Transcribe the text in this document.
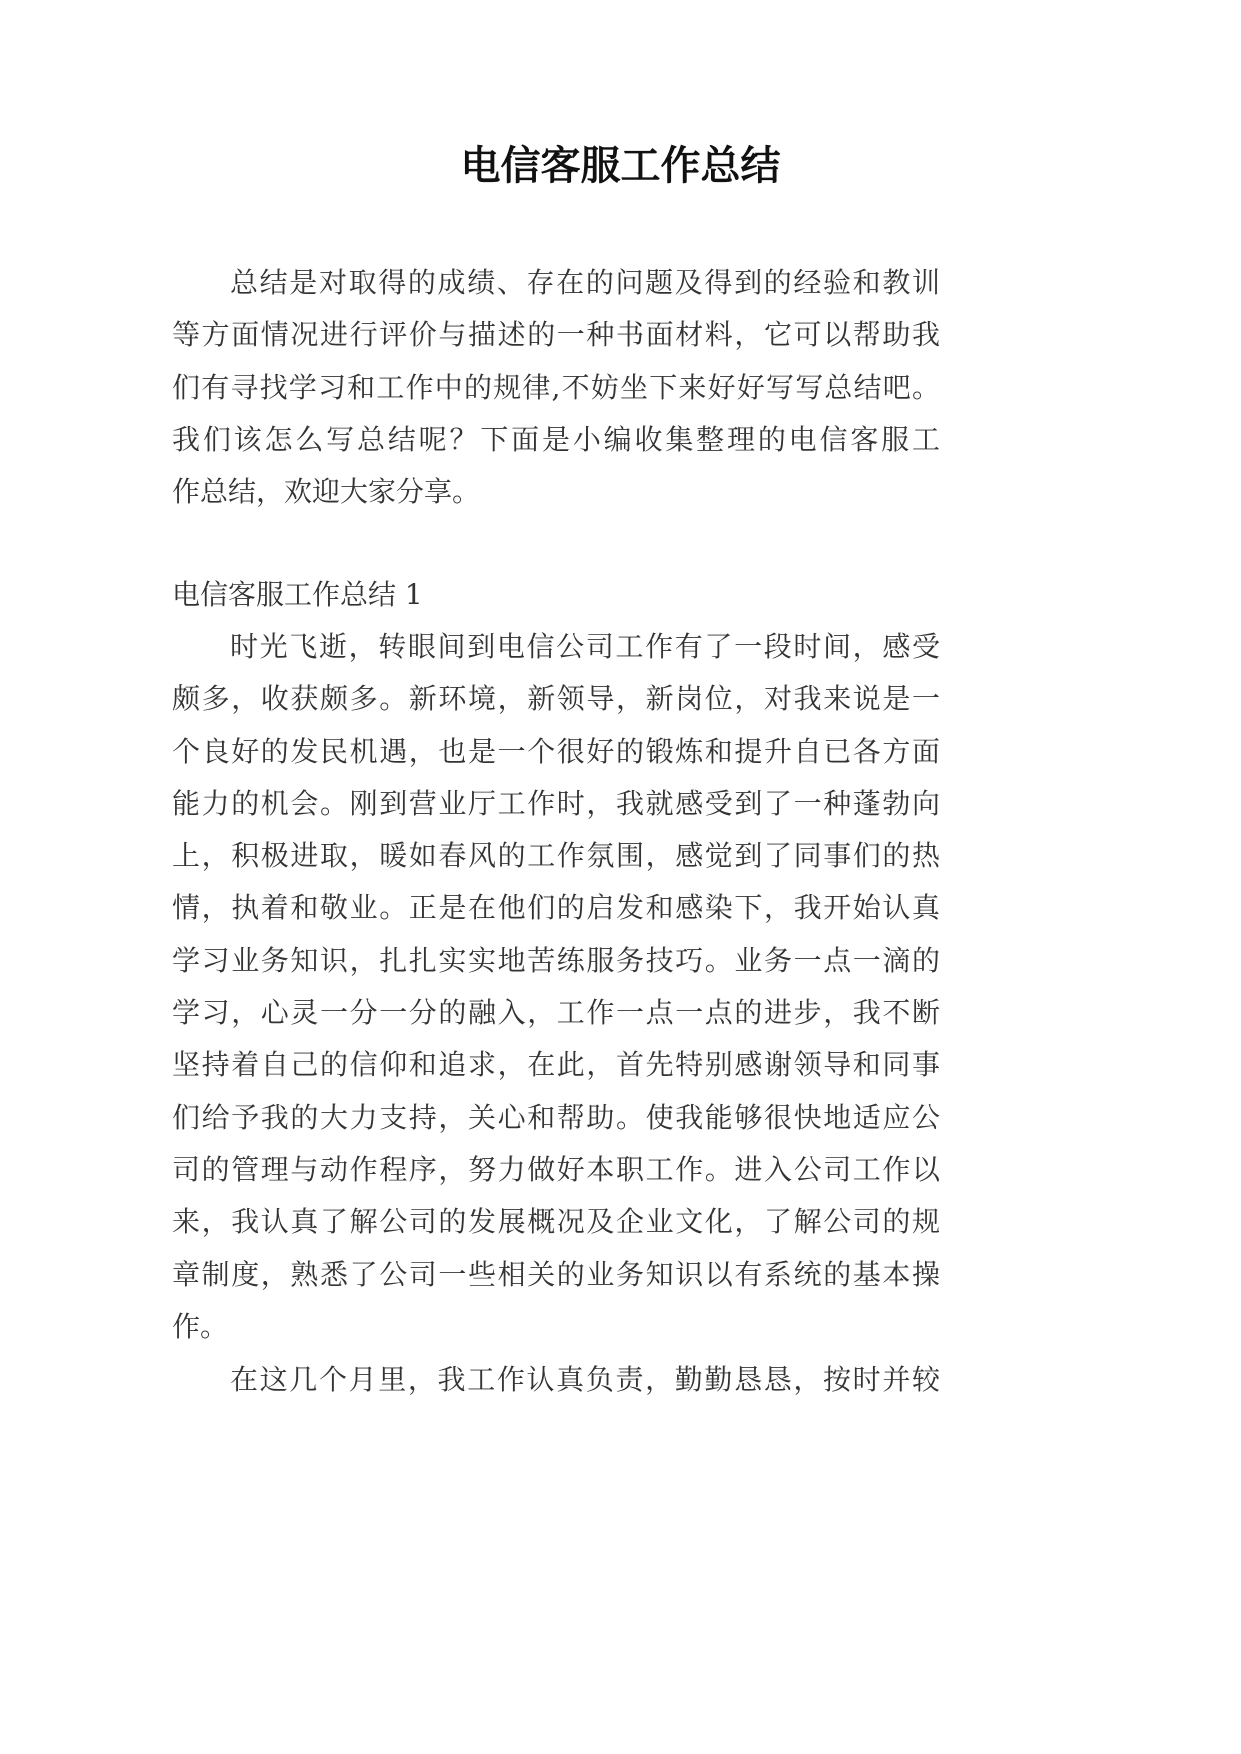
电信客服工作总结
总结是对取得的成绩、存在的问题及得到的经验和教训
等方面情况进行评价与描述的一种书面材料，它可以帮助我
们有寻找学习和工作中的规律,不妨坐下来好好写写总结吧。
我们该怎么写总结呢？下面是小编收集整理的电信客服工
作总结，欢迎大家分享。
电信客服工作总结 1
时光飞逝，转眼间到电信公司工作有了一段时间，感受
颇多，收获颇多。新环境，新领导，新岗位，对我来说是一
个良好的发民机遇，也是一个很好的锻炼和提升自已各方面
能力的机会。刚到营业厅工作时，我就感受到了一种蓬勃向
上，积极进取，暖如春风的工作氛围，感觉到了同事们的热
情，执着和敬业。正是在他们的启发和感染下，我开始认真
学习业务知识，扎扎实实地苦练服务技巧。业务一点一滴的
学习，心灵一分一分的融入，工作一点一点的进步，我不断
坚持着自己的信仰和追求，在此，首先特别感谢领导和同事
们给予我的大力支持，关心和帮助。使我能够很快地适应公
司的管理与动作程序，努力做好本职工作。进入公司工作以
来，我认真了解公司的发展概况及企业文化，了解公司的规
章制度，熟悉了公司一些相关的业务知识以有系统的基本操
作。
在这几个月里，我工作认真负责，勤勤恳恳，按时并较
